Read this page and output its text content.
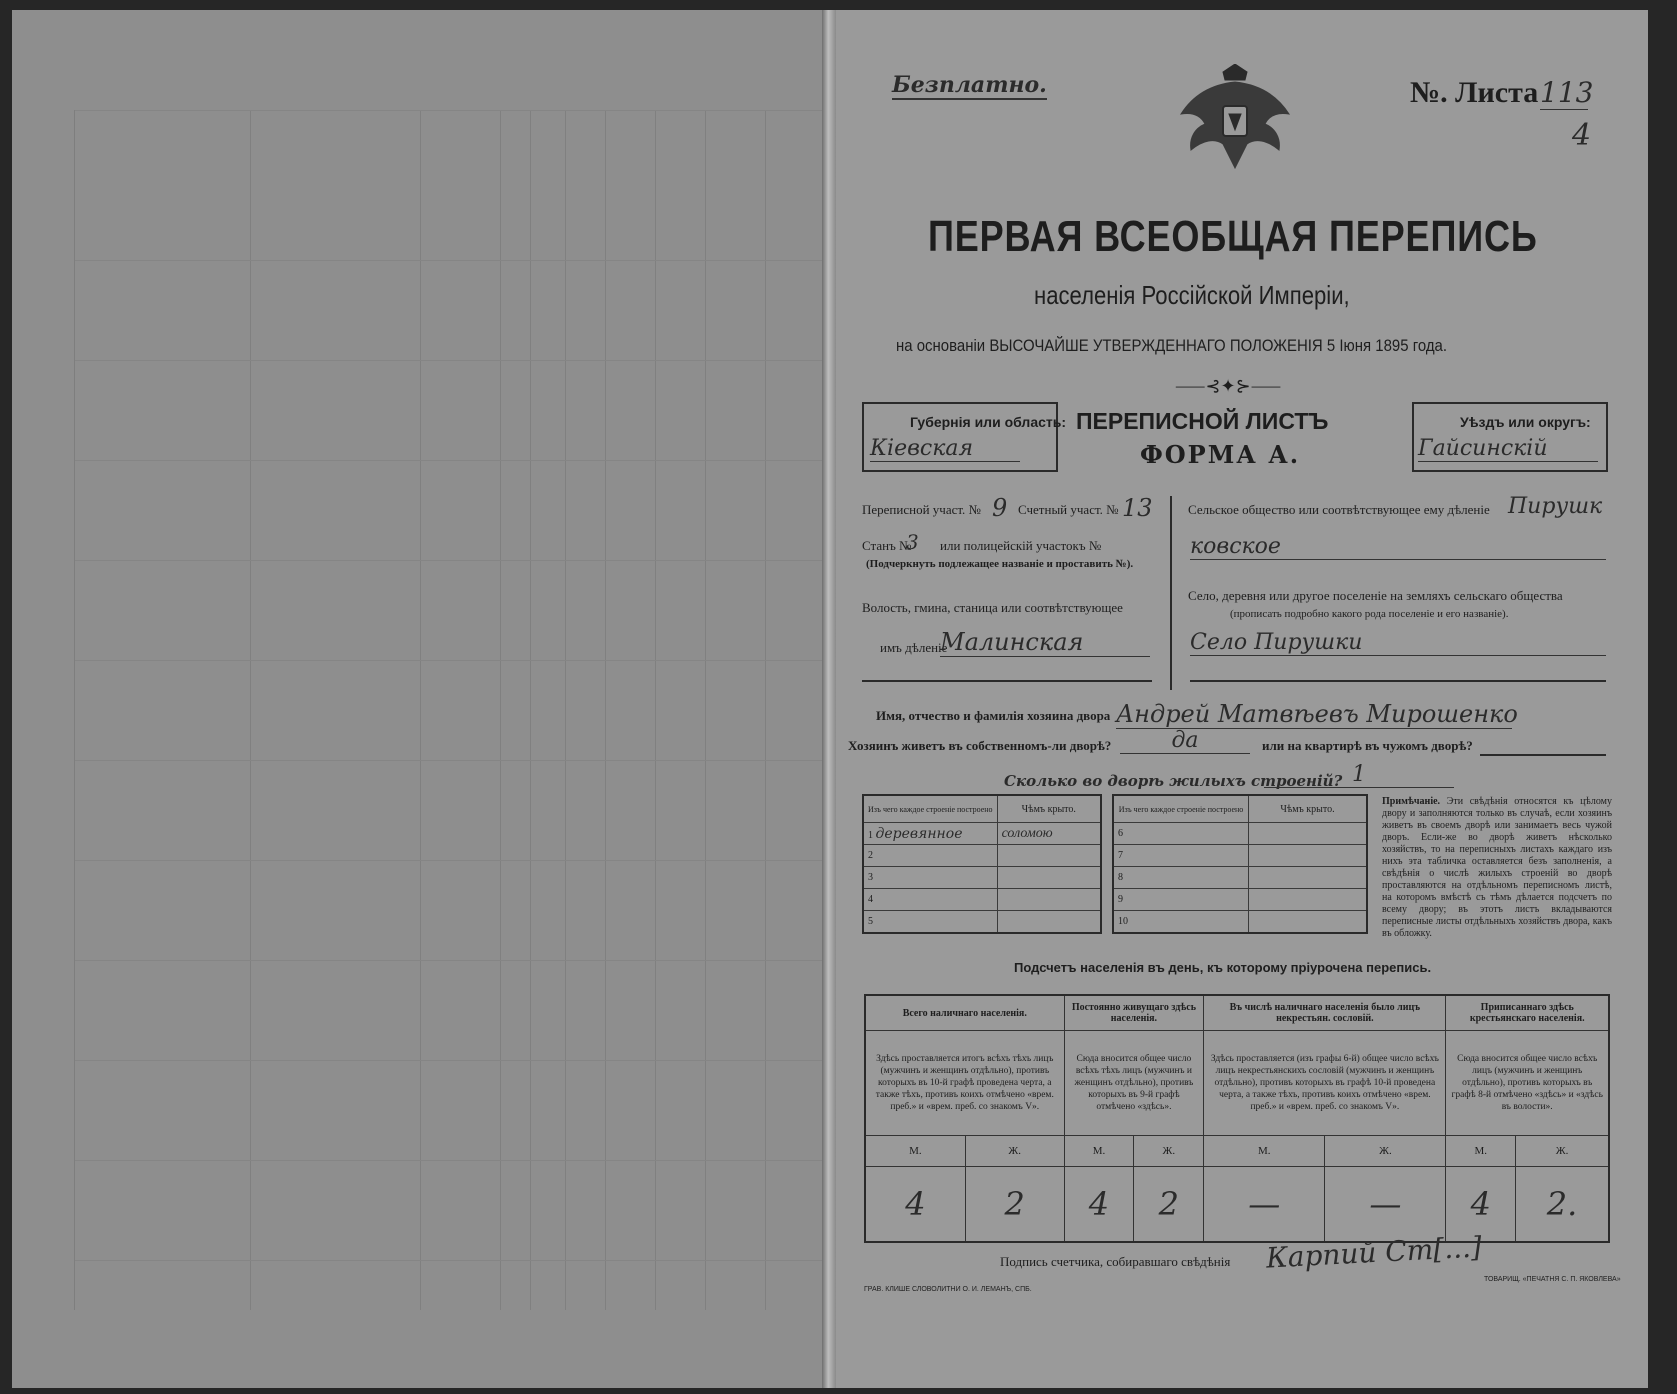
Безплатно.	№. Листа 113
4
ПЕРВАЯ ВСЕОБЩАЯ ПЕРЕПИСЬ
населенія Россійской Имперіи,
на основаніи ВЫСОЧАЙШЕ УТВЕРЖДЕННАГО ПОЛОЖЕНІЯ 5 Іюня 1895 года.
⸺⊰✦⊱⸺
Губернія или область:
Кіевская
ПЕРЕПИСНОЙ ЛИСТЪ
ФОРМА А.
Уѣздъ или округъ:
Гайсинскій
Переписной участ. № 9 Счетный участ. № 13
Станъ №
3 или полицейскій участокъ №
(Подчеркнуть подлежащее названіе и проставить №).
Волость, гмина, станица или соотвѣтствующее
имъ дѣленіе
Малинская
Сельское общество или соотвѣтствующее ему дѣленіе Пирушк
ковское
Село, деревня или другое поселеніе на земляхъ сельскаго общества
(прописать подробно какого рода поселеніе и его названіе).
Село Пирушки
Имя, отчество и фамилія хозяина двора Андрей Матвѣевъ Мирошенко
Хозяинъ живетъ въ собственномъ-ли дворѣ?	да	или на квартирѣ въ чужомъ дворѣ?
Сколько во дворѣ жилыхъ строеній? 1
Изъ чего каждое строеніе построено	Чѣмъ крыто.
1 деревянное	соломою
2	
3	
4	
5	
Изъ чего каждое строеніе построено	Чѣмъ крыто.
6	
7	
8	
9	
10	
Примѣчаніе. Эти свѣдѣнія относятся къ цѣлому двору и заполняются только въ случаѣ, если хозяинъ живетъ въ своемъ дворѣ или занимаетъ весь чужой дворъ. Если-же во дворѣ живетъ нѣсколько хозяйствъ, то на переписныхъ листахъ каждаго изъ нихъ эта табличка оставляется безъ заполненія, а свѣдѣнія о числѣ жилыхъ строеній во дворѣ проставляются на отдѣльномъ переписномъ листѣ, на которомъ вмѣстѣ съ тѣмъ дѣлается подсчетъ по всему двору; въ этотъ листъ вкладываются переписные листы отдѣльныхъ хозяйствъ двора, какъ въ обложку.
Подсчетъ населенія въ день, къ которому пріурочена перепись.
Всего наличнаго населенія.		Постоянно живущаго здѣсь населенія.		Въ числѣ наличнаго населенія было лицъ некрестьян. сословій.		Приписаннаго здѣсь крестьянскаго населенія.	
Здѣсь проставляется итогъ всѣхъ тѣхъ лицъ (мужчинъ и женщинъ отдѣльно), противъ которыхъ въ 10-й графѣ проведена черта, а также тѣхъ, противъ коихъ отмѣчено «врем. преб.» и «врем. преб. со знакомъ V».		Сюда вносится общее число всѣхъ тѣхъ лицъ (мужчинъ и женщинъ отдѣльно), противъ которыхъ въ 9-й графѣ отмѣчено «здѣсь».		Здѣсь проставляется (изъ графы 6-й) общее число всѣхъ лицъ некрестьянскихъ сословій (мужчинъ и женщинъ отдѣльно), противъ которыхъ въ графѣ 10-й проведена черта, а также тѣхъ, противъ коихъ отмѣчено «врем. преб.» и «врем. преб. со знакомъ V».		Сюда вносится общее число всѣхъ лицъ (мужчинъ и женщинъ отдѣльно), противъ которыхъ въ графѣ 8-й отмѣчено «здѣсь» и «здѣсь въ волости».	
М.	Ж.	М.	Ж.	М.	Ж.	М.	Ж.
4	2	4	2	—	—	4	2.
Подпись счетчика, собиравшаго свѣдѣнія Карпий Ст[...]
ГРАВ. КЛИШЕ СЛОВОЛИТНИ О. И. ЛЕМАНЪ, СПБ.
ТОВАРИЩ. «ПЕЧАТНЯ С. П. ЯКОВЛЕВА»
